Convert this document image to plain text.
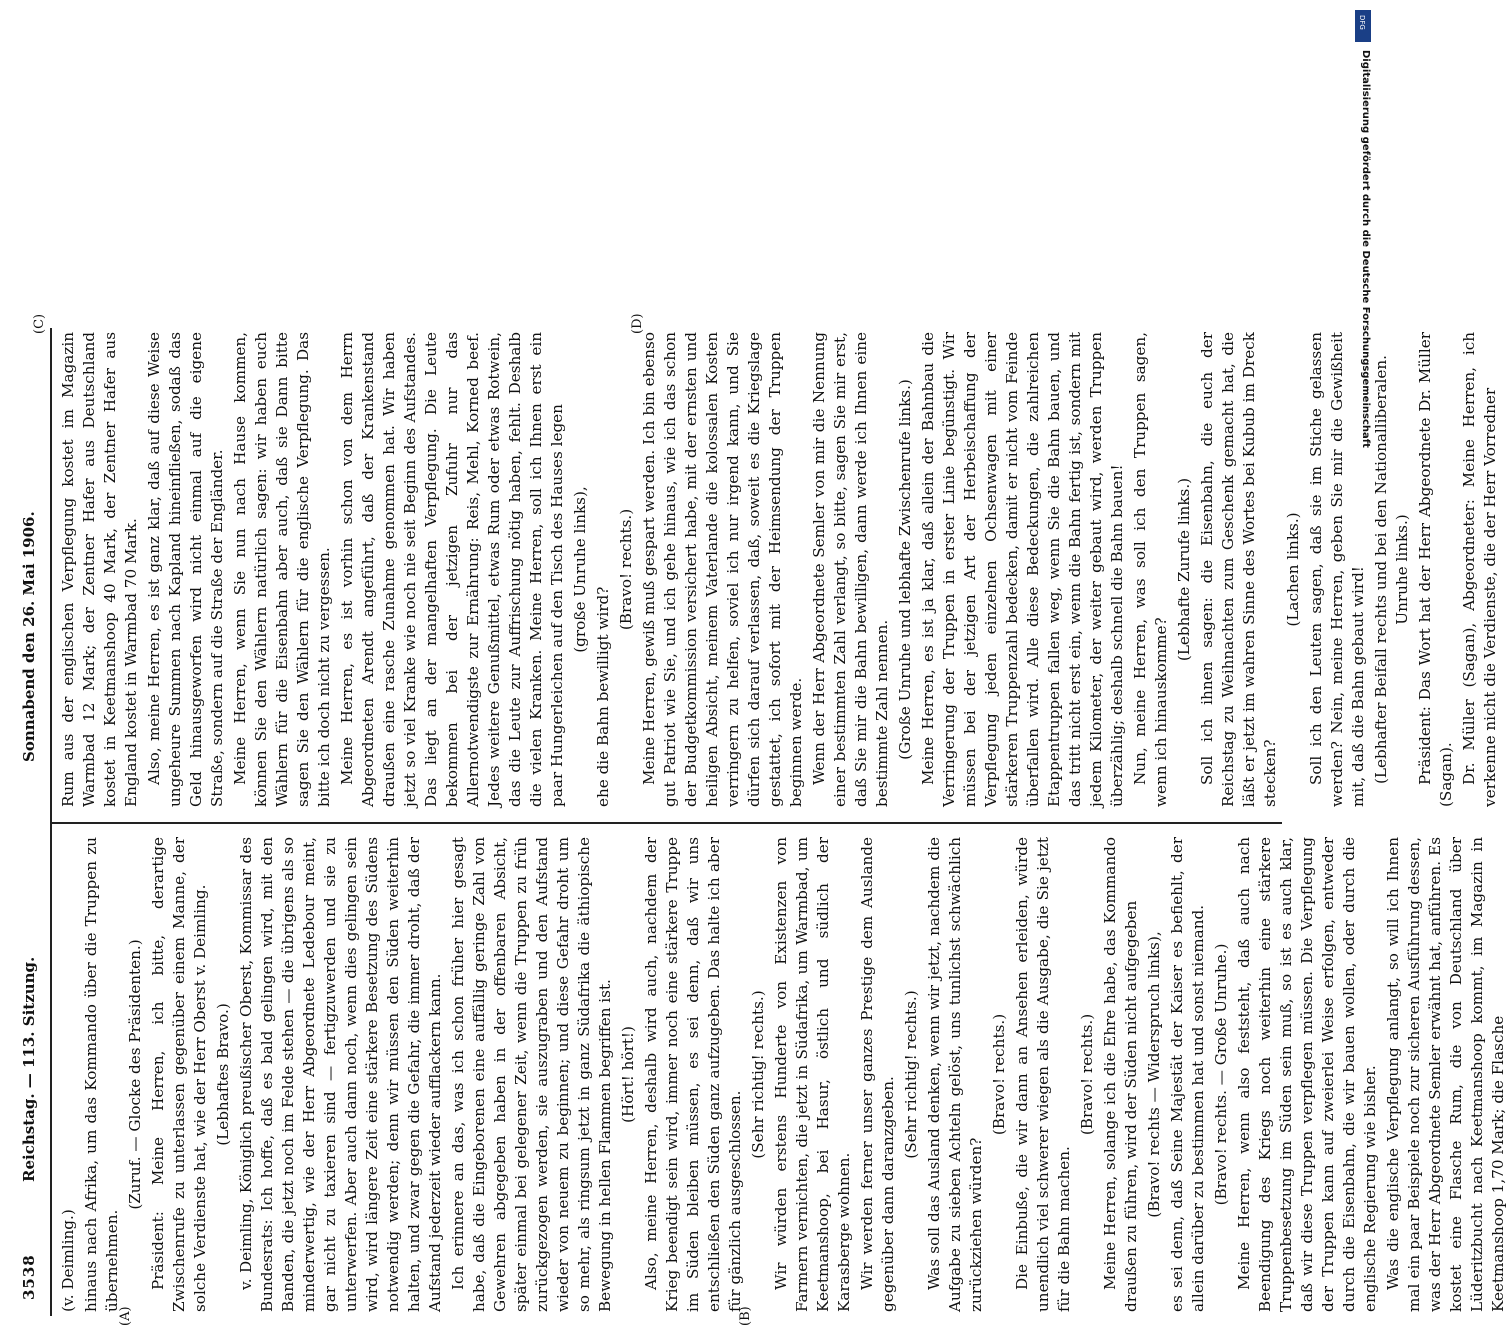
3538
Reichstag. — 113. Sitzung.
Sonnabend den 26. Mai 1906.
(A)	(B)
(C)	(D)

(v. Deimling.) hinaus nach Afrika, um das Kommando über die Truppen zu übernehmen.

(Zuruf. — Glocke des Präsidenten.) Präsident: Meine Herren, ich bitte, derartige Zwischenrufe zu unterlassen gegenüber einem Manne, der solche Verdienste hat, wie der Herr Oberst v. Deimling. (Lebhaftes Bravo.) v. Deimling, Königlich preußischer Oberst, Kommissar des Bundesrats: Ich hoffe, daß es bald gelingen wird, mit den Banden, die jetzt noch im Felde stehen — die übrigens als so minderwertig, wie der Herr Abgeordnete Ledebour meint, gar nicht zu taxieren sind — fertigzuwerden und sie zu unterwerfen. Aber auch dann noch, wenn dies gelingen sein wird, wird längere Zeit eine stärkere Besetzung des Südens notwendig werden; denn wir müssen den Süden weiterhin halten, und zwar gegen die Gefahr, die immer droht, daß der Aufstand jederzeit wieder aufflackern kann. Ich erinnere an das, was ich schon früher hier gesagt habe, daß die Eingeborenen eine auffällig geringe Zahl von Gewehren abgegeben haben in der offenbaren Absicht, später einmal bei gelegener Zeit, wenn die Truppen zu früh zurückgezogen werden, sie auszugraben und den Aufstand wieder von neuem zu beginnen; und diese Gefahr droht um so mehr, als ringsum jetzt in ganz Südafrika die äthiopische Bewegung in hellen Flammen begriffen ist. (Hört! hört!) Also, meine Herren, deshalb wird auch, nachdem der Krieg beendigt sein wird, immer noch eine stärkere Truppe im Süden bleiben müssen, es sei denn, daß wir uns entschließen den Süden ganz aufzugeben. Das halte ich aber für gänzlich ausgeschlossen.

(Sehr richtig! rechts.) Wir würden erstens Hunderte von Existenzen von Farmern vernichten, die jetzt in Südafrika, um Warmbad, um Keetmanshoop, bei Hasur, östlich und südlich der Karasberge wohnen. Wir werden ferner unser ganzes Prestige dem Auslande gegenüber dann daranzgeben.

(Sehr richtig! rechts.) Was soll das Ausland denken, wenn wir jetzt, nachdem die Aufgabe zu sieben Achteln gelöst, uns tunlichst schwächlich zurückziehen würden?

(Bravo! rechts.) Die Einbuße, die wir dann an Ansehen erleiden, würde unendlich viel schwerer wiegen als die Ausgabe, die Sie jetzt für die Bahn machen.

(Bravo! rechts.) Meine Herren, solange ich die Ehre habe, das Kommando draußen zu führen, wird der Süden nicht aufgegeben (Bravo! rechts — Widerspruch links), es sei denn, daß Seine Majestät der Kaiser es befiehlt, der allein darüber zu bestimmen hat und sonst niemand. (Bravo! rechts. — Große Unruhe.) Meine Herren, wenn also feststeht, daß auch nach Beendigung des Kriegs noch weiterhin eine stärkere Truppenbesetzung im Süden sein muß, so ist es auch klar, daß wir diese Truppen verpflegen müssen. Die Verpflegung der Truppen kann auf zweierlei Weise erfolgen, entweder durch die Eisenbahn, die wir bauen wollen, oder durch die englische Regierung wie bisher. Was die englische Verpflegung anlangt, so will ich Ihnen mal ein paar Beispiele noch zur sicheren Ausführung dessen, was der Herr Abgeordnete Semler erwähnt hat, anführen. Es kostet eine Flasche Rum, die von Deutschland über Lüderitzbucht nach Keetmanshoop kommt, im Magazin in Keetmanshoop 1,70 Mark; die Flasche

Rum aus der englischen Verpflegung kostet im Magazin Warmbad 12 Mark; der Zentner Hafer aus Deutschland kostet in Keetmanshoop 40 Mark, der Zentner Hafer aus England kostet in Warmbad 70 Mark. Also, meine Herren, es ist ganz klar, daß auf diese Weise ungeheure Summen nach Kapland hineinfließen, sodaß das Geld hinausgeworfen wird nicht einmal auf die eigene Straße, sondern auf die Straße der Engländer. Meine Herren, wenn Sie nun nach Hause kommen, können Sie den Wählern natürlich sagen: wir haben euch Wählern für die Eisenbahn aber auch, daß sie Dann bitte sagen Sie den Wählern für die englische Verpflegung. Das bitte ich doch nicht zu vergessen. Meine Herren, es ist vorhin schon von dem Herrn Abgeordneten Arendt angeführt, daß der Krankenstand draußen eine rasche Zunahme genommen hat. Wir haben jetzt so viel Kranke wie noch nie seit Beginn des Aufstandes. Das liegt an der mangelhaften Verpflegung. Die Leute bekommen bei der jetzigen Zufuhr nur das Allernotwendigste zur Ernährung: Reis, Mehl, Korned beef. Jedes weitere Genußmittel, etwas Rum oder etwas Rotwein, das die Leute zur Auffrischung nötig haben, fehlt. Deshalb die vielen Kranken. Meine Herren, soll ich Ihnen erst ein paar Hungerleichen auf den Tisch des Hauses legen (große Unruhe links),

ehe die Bahn bewilligt wird?

(Bravo! rechts.) Meine Herren, gewiß muß gespart werden. Ich bin ebenso gut Patriot wie Sie, und ich gehe hinaus, wie ich das schon der Budgetkommission versichert habe, mit der ernsten und heiligen Absicht, meinem Vaterlande die kolossalen Kosten verringern zu helfen, soviel ich nur irgend kann, und Sie dürfen sich darauf verlassen, daß, soweit es die Kriegslage gestattet, ich sofort mit der Heimsendung der Truppen beginnen werde. Wenn der Herr Abgeordnete Semler von mir die Nennung einer bestimmten Zahl verlangt, so bitte, sagen Sie mir erst, daß Sie mir die Bahn bewilligen, dann werde ich Ihnen eine bestimmte Zahl nennen. (Große Unruhe und lebhafte Zwischenrufe links.) Meine Herren, es ist ja klar, daß allein der Bahnbau die Verringerung der Truppen in erster Linie begünstigt. Wir müssen bei der jetzigen Art der Herbeischaffung der Verpflegung jeden einzelnen Ochsenwagen mit einer stärkeren Truppenzahl bedecken, damit er nicht vom Feinde überfallen wird. Alle diese Bedeckungen, die zahlreichen Etappentruppen fallen weg, wenn Sie die Bahn bauen, und das tritt nicht erst ein, wenn die Bahn fertig ist, sondern mit jedem Kilometer, der weiter gebaut wird, werden Truppen überzählig; deshalb schnell die Bahn bauen! Nun, meine Herren, was soll ich den Truppen sagen, wenn ich hinauskomme?

(Lebhafte Zurufe links.) Soll ich ihnen sagen: die Eisenbahn, die euch der Reichstag zu Weihnachten zum Geschenk gemacht hat, die läßt er jetzt im wahren Sinne des Wortes bei Kubub im Dreck stecken?

(Lachen links.) Soll ich den Leuten sagen, daß sie im Stiche gelassen werden? Nein, meine Herren, geben Sie mir die Gewißheit mit, daß die Bahn gebaut wird! (Lebhafter Beifall rechts und bei den Nationalliberalen. Unruhe links.) Präsident: Das Wort hat der Herr Abgeordnete Dr. Müller (Sagan). Dr. Müller (Sagan), Abgeordneter: Meine Herren, ich verkenne nicht die Verdienste, die der Herr Vorredner

DFG
Digitalisierung gefördert durch die Deutsche Forschungsgemeinschaft
